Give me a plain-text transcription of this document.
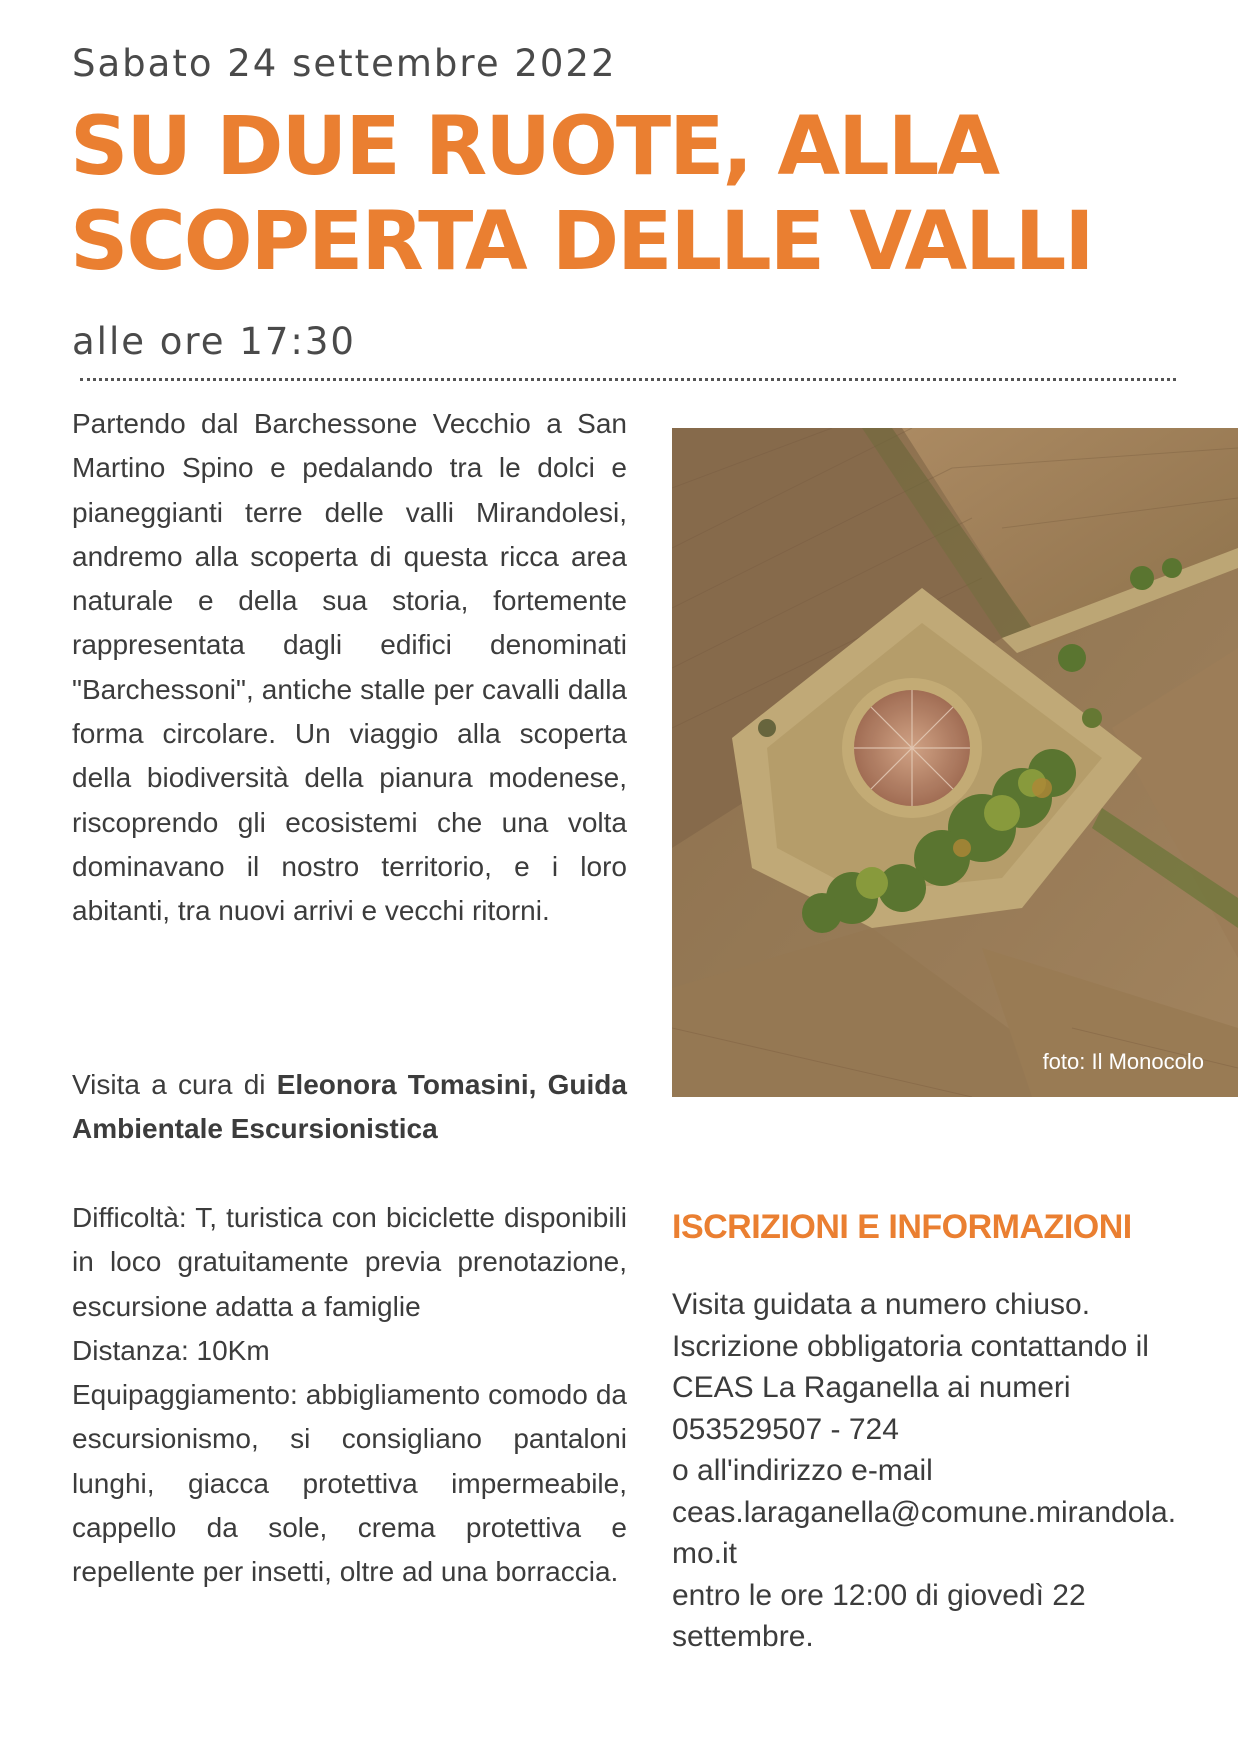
Sabato 24 settembre 2022
SU DUE RUOTE, ALLA
SCOPERTA DELLE VALLI
alle ore 17:30

Partendo dal Barchessone Vecchio a San Martino Spino e pedalando tra le dolci e pianeggianti terre delle valli Mirandolesi, andremo alla scoperta di questa ricca area naturale e della sua storia, fortemente rappresentata dagli edifici denominati "Barchessoni", antiche stalle per cavalli dalla forma circolare. Un viaggio alla scoperta della biodiversità della pianura modenese, riscoprendo gli ecosistemi che una volta dominavano il nostro territorio, e i loro abitanti, tra nuovi arrivi e vecchi ritorni.

Visita a cura di Eleonora Tomasini, Guida Ambientale Escursionistica

Difficoltà: T, turistica con biciclette disponibili in loco gratuitamente previa prenotazione, escursione adatta a famiglie

Distanza: 10Km

Equipaggiamento: abbigliamento comodo da escursionismo, si consigliano pantaloni lunghi, giacca protettiva impermeabile, cappello da sole, crema protettiva e repellente per insetti, oltre ad una borraccia.

foto: Il Monocolo
ISCRIZIONI E INFORMAZIONI
Visita guidata a numero chiuso.
Iscrizione obbligatoria contattando il
CEAS La Raganella ai numeri
053529507 - 724
o all'indirizzo e-mail
ceas.laraganella@comune.mirandola.
mo.it
entro le ore 12:00 di giovedì 22
settembre.
